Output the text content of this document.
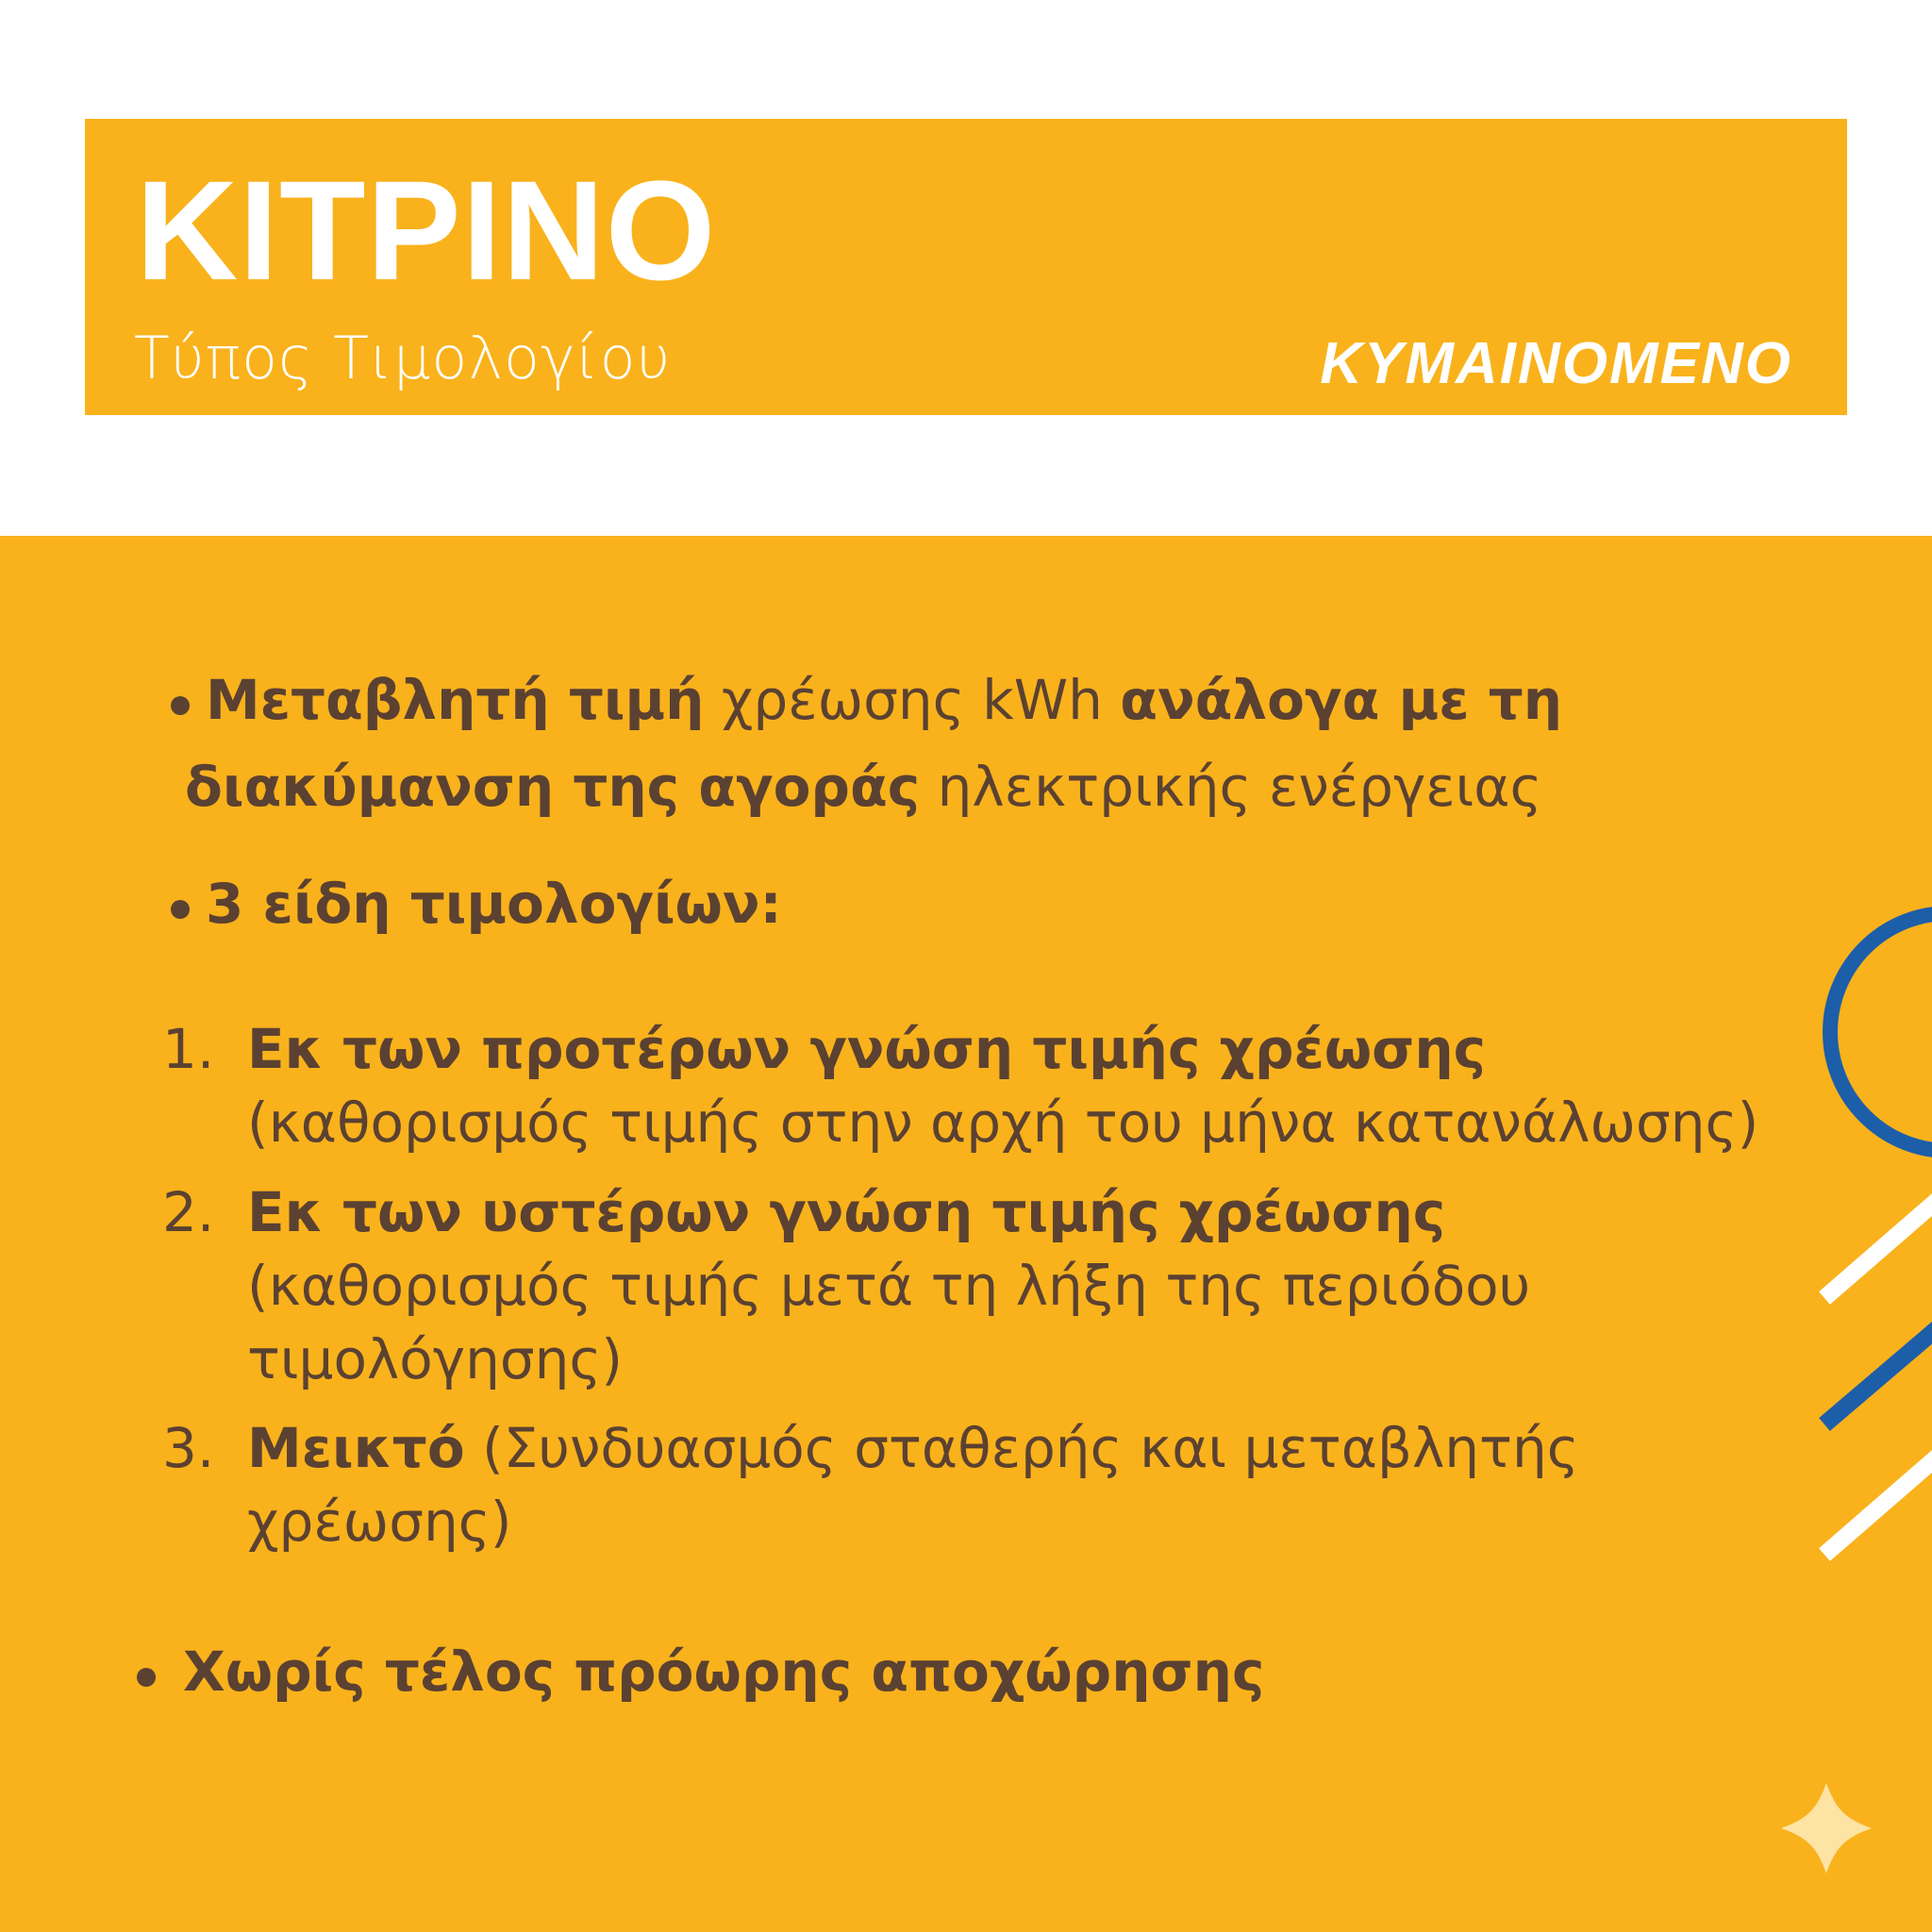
ΚΙΤΡΙΝΟ
Τύπος Τιμολογίου	ΚΥΜΑΙΝΟΜΕΝΟ
Μεταβλητή τιμή χρέωσης kWh ανάλογα με τη
διακύμανση της αγοράς ηλεκτρικής ενέργειας
3 είδη τιμολογίων:
1. Εκ των προτέρων γνώση τιμής χρέωσης
(καθορισμός τιμής στην αρχή του μήνα κατανάλωσης)
2. Εκ των υστέρων γνώση τιμής χρέωσης
(καθορισμός τιμής μετά τη λήξη της περιόδου
τιμολόγησης)
3. Μεικτό (Συνδυασμός σταθερής και μεταβλητής
χρέωσης)
Χωρίς τέλος πρόωρης αποχώρησης
